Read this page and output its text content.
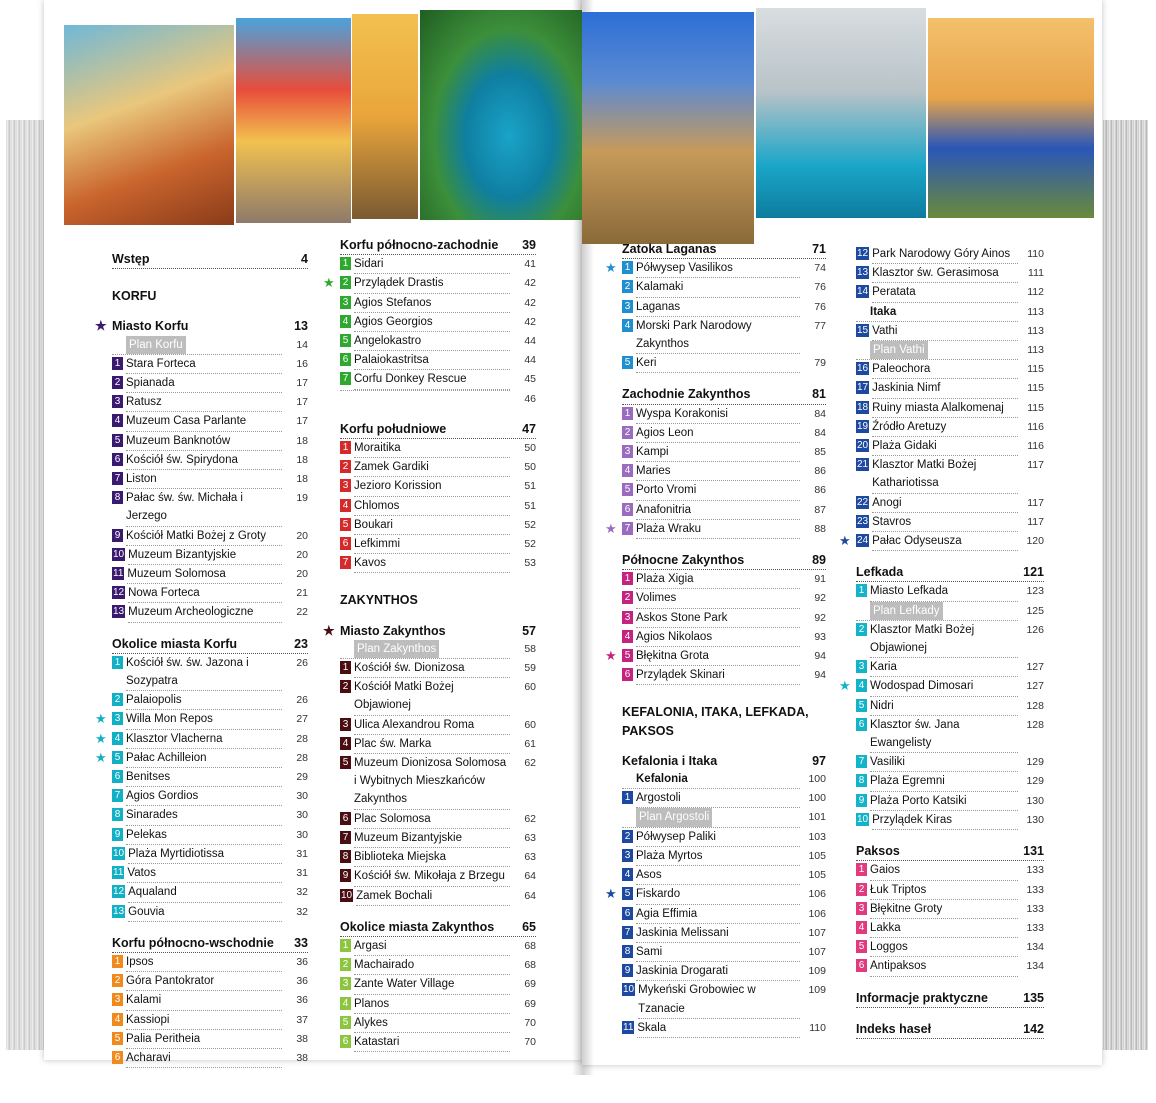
Wstęp	4
KORFU
★ Miasto Korfu	13
Plan Korfu	14
1 Stara Forteca	16
2 Spianada	17
3 Ratusz	17
4 Muzeum Casa Parlante	17
5 Muzeum Banknotów	18
6 Kościół św. Spirydona	18
7 Liston	18
8 Pałac św. św. Michała i Jerzego
19
9 Kościół Matki Bożej z Groty	20
10 Muzeum Bizantyjskie	20
11 Muzeum Solomosa	20
12 Nowa Forteca	21
13 Muzeum Archeologiczne	22
Okolice miasta Korfu	23
1 Kościół św. św. Jazona i Sozypatra
26
2 Palaiopolis	26
★ 3 Willa Mon Repos	27
★ 4 Klasztor Vlacherna	28
★ 5 Pałac Achilleion	28
6 Benitses	29
7 Agios Gordios	30
8 Sinarades	30
9 Pelekas	30
10 Plaża Myrtidiotissa	31
11 Vatos	31
12 Aqualand	32
13 Gouvia	32
Korfu północno-wschodnie 33
1 Ipsos	36
2 Góra Pantokrator	36
3 Kalami	36
4 Kassiopi	37
5 Palia Peritheia	38
6 Acharavi	38
Korfu północno-zachodnie 39
1 Sidari	41
★ 2 Przylądek Drastis	42
3 Agios Stefanos	42
4 Agios Georgios	42
5 Angelokastro	44
6 Palaiokastritsa	44
7 Corfu Donkey Rescue	45
46
Korfu południowe	47
1 Moraitika	50
2 Zamek Gardiki	50
3 Jezioro Korission	51
4 Chlomos	51
5 Boukari	52
6 Lefkimmi	52
7 Kavos	53
ZAKYNTHOS
★ Miasto Zakynthos	57
Plan Zakynthos	58
1 Kościół św. Dionizosa	59
2 Kościół Matki Bożej Objawionej
60
3 Ulica Alexandrou Roma	60
4 Plac św. Marka	61
5 Muzeum Dionizosa Solomosa i Wybitnych Mieszkańców Zakynthos
62
6 Plac Solomosa	62
7 Muzeum Bizantyjskie	63
8 Biblioteka Miejska	63
9 Kościół św. Mikołaja z Brzegu	64
10 Zamek Bochali	64
Okolice miasta Zakynthos 65
1 Argasi	68
2 Machairado	68
3 Zante Water Village	69
4 Planos	69
5 Alykes	70
6 Katastari	70
Zatoka Laganas	71
★ 1 Półwysep Vasilikos	74
2 Kalamaki	76
3 Laganas	76
4 Morski Park Narodowy Zakynthos
77
5 Keri	79
Zachodnie Zakynthos	81
1 Wyspa Korakonisi	84
2 Agios Leon	84
3 Kampi	85
4 Maries	86
5 Porto Vromi	86
6 Anafonitria	87
★ 7 Plaża Wraku	88
Północne Zakynthos	89
1 Plaża Xigia	91
2 Volimes	92
3 Askos Stone Park	92
4 Agios Nikolaos	93
★ 5 Błękitna Grota	94
6 Przylądek Skinari	94
KEFALONIA, ITAKA, LEFKADA, PAKSOS
Kefalonia i Itaka	97
Kefalonia	100
1 Argostoli	100
Plan Argostoli	101
2 Półwysep Paliki	103
3 Plaża Myrtos	105
4 Asos	105
★ 5 Fiskardo	106
6 Agia Effimia	106
7 Jaskinia Melissani	107
8 Sami	107
9 Jaskinia Drogarati	109
10 Mykeński Grobowiec w Tzanacie
109
11 Skala	110
12 Park Narodowy Góry Ainos	110
13 Klasztor św. Gerasimosa	111
14 Peratata	112
Itaka	113
15 Vathi	113
Plan Vathi	113
16 Paleochora	115
17 Jaskinia Nimf	115
18 Ruiny miasta Alalkomenaj	115
19 Źródło Aretuzy	116
20 Plaża Gidaki	116
21 Klasztor Matki Bożej Kathariotissa
117
22 Anogi	117
23 Stavros	117
★ 24 Pałac Odyseusza	120
Lefkada	121
1 Miasto Lefkada	123
Plan Lefkady	125
2 Klasztor Matki Bożej Objawionej
126
3 Karia	127
★ 4 Wodospad Dimosari	127
5 Nidri	128
6 Klasztor św. Jana Ewangelisty
128
7 Vasiliki	129
8 Plaża Egremni	129
9 Plaża Porto Katsiki	130
10 Przylądek Kiras	130
Paksos	131
1 Gaios	133
2 Łuk Triptos	133
3 Błękitne Groty	133
4 Lakka	133
5 Loggos	134
6 Antipaksos	134
Informacje praktyczne	135
Indeks haseł	142
